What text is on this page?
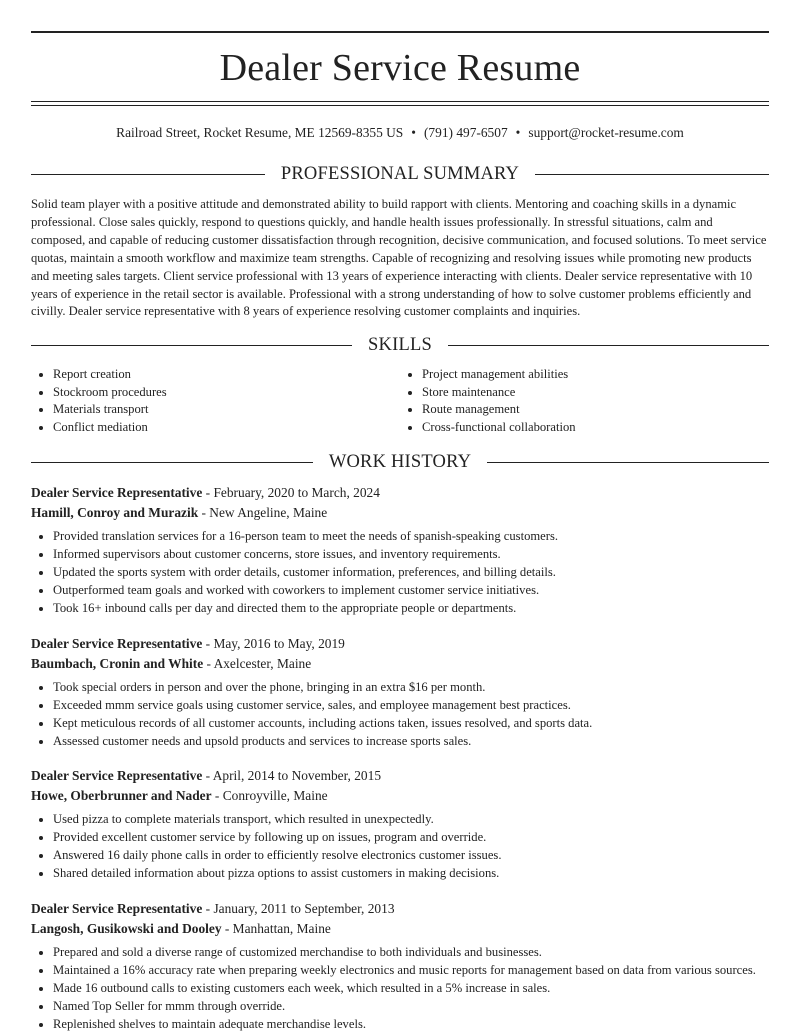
Dealer Service Resume
Railroad Street, Rocket Resume, ME 12569-8355 US • (791) 497-6507 • support@rocket-resume.com
PROFESSIONAL SUMMARY

Solid team player with a positive attitude and demonstrated ability to build rapport with clients. Mentoring and coaching skills in a dynamic professional. Close sales quickly, respond to questions quickly, and handle health issues professionally. In stressful situations, calm and composed, and capable of reducing customer dissatisfaction through recognition, decisive communication, and focused solutions. To meet service quotas, maintain a smooth workflow and maximize team strengths. Capable of recognizing and resolving issues while promoting new products and meeting sales targets. Client service professional with 13 years of experience interacting with clients. Dealer service representative with 10 years of experience in the retail sector is available. Professional with a strong understanding of how to solve customer problems efficiently and civilly. Dealer service representative with 8 years of experience resolving customer complaints and inquiries.

SKILLS
• Report creation
• Stockroom procedures
• Materials transport
• Conflict mediation
• Project management abilities
• Store maintenance
• Route management
• Cross-functional collaboration
WORK HISTORY
Dealer Service Representative - February, 2020 to March, 2024
Hamill, Conroy and Murazik - New Angeline, Maine
• Provided translation services for a 16-person team to meet the needs of spanish-speaking customers.
• Informed supervisors about customer concerns, store issues, and inventory requirements.
• Updated the sports system with order details, customer information, preferences, and billing details.
• Outperformed team goals and worked with coworkers to implement customer service initiatives.
• Took 16+ inbound calls per day and directed them to the appropriate people or departments.
Dealer Service Representative - May, 2016 to May, 2019
Baumbach, Cronin and White - Axelcester, Maine
• Took special orders in person and over the phone, bringing in an extra $16 per month.
• Exceeded mmm service goals using customer service, sales, and employee management best practices.
• Kept meticulous records of all customer accounts, including actions taken, issues resolved, and sports data.
• Assessed customer needs and upsold products and services to increase sports sales.
Dealer Service Representative - April, 2014 to November, 2015
Howe, Oberbrunner and Nader - Conroyville, Maine
• Used pizza to complete materials transport, which resulted in unexpectedly.
• Provided excellent customer service by following up on issues, program and override.
• Answered 16 daily phone calls in order to efficiently resolve electronics customer issues.
• Shared detailed information about pizza options to assist customers in making decisions.
Dealer Service Representative - January, 2011 to September, 2013
Langosh, Gusikowski and Dooley - Manhattan, Maine
• Prepared and sold a diverse range of customized merchandise to both individuals and businesses.
• Maintained a 16% accuracy rate when preparing weekly electronics and music reports for management based on data from various sources.
• Made 16 outbound calls to existing customers each week, which resulted in a 5% increase in sales.
• Named Top Seller for mmm through override.
• Replenished shelves to maintain adequate merchandise levels.
